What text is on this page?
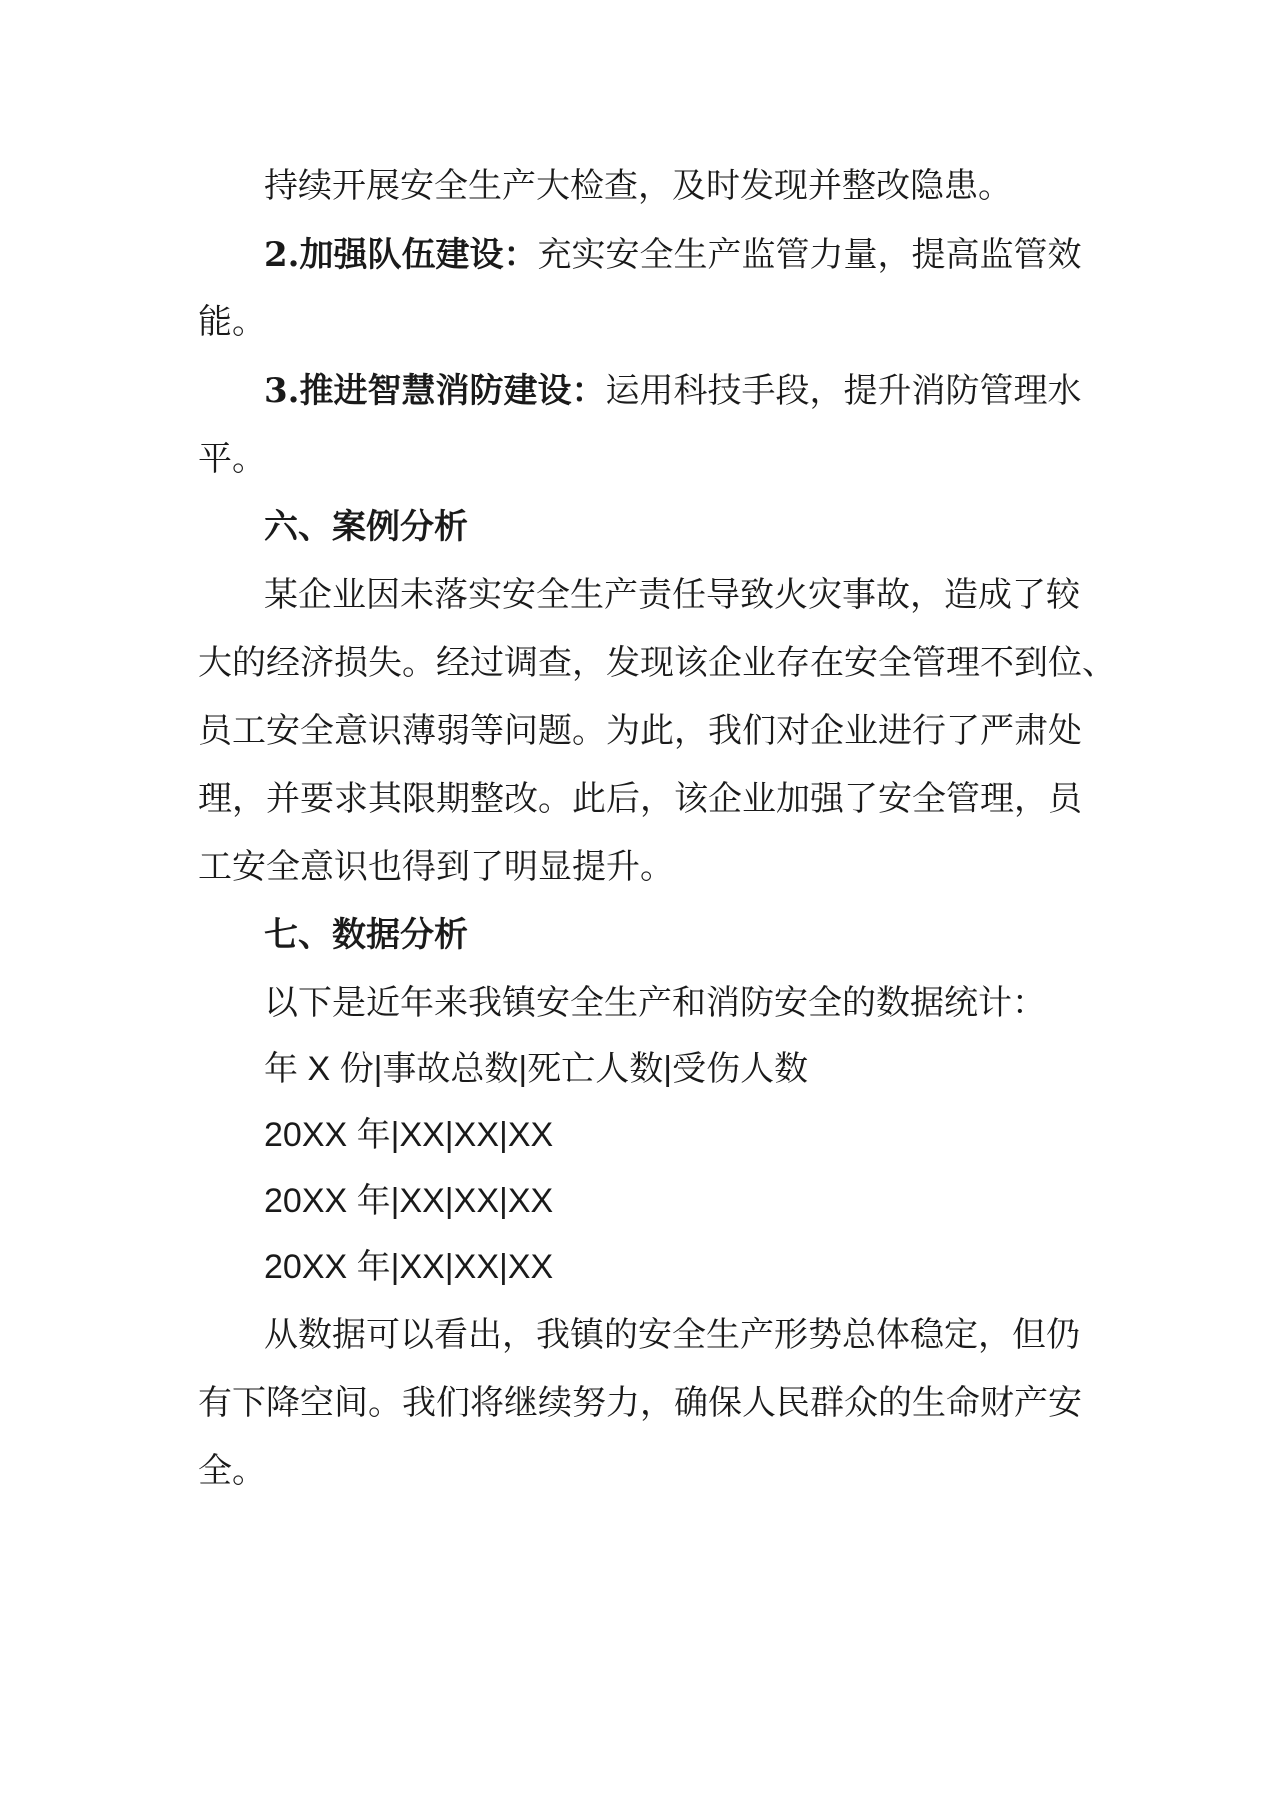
持续开展安全生产大检查，及时发现并整改隐患。

2.加强队伍建设：充实安全生产监管力量，提高监管效

能。

3.推进智慧消防建设：运用科技手段，提升消防管理水

平。

六、案例分析

某企业因未落实安全生产责任导致火灾事故，造成了较

大的经济损失。经过调查，发现该企业存在安全管理不到位、

员工安全意识薄弱等问题。为此，我们对企业进行了严肃处

理，并要求其限期整改。此后，该企业加强了安全管理，员

工安全意识也得到了明显提升。

七、数据分析

以下是近年来我镇安全生产和消防安全的数据统计：

年 X 份|事故总数|死亡人数|受伤人数

20XX 年|XX|XX|XX

20XX 年|XX|XX|XX

20XX 年|XX|XX|XX

从数据可以看出，我镇的安全生产形势总体稳定，但仍

有下降空间。我们将继续努力，确保人民群众的生命财产安

全。
